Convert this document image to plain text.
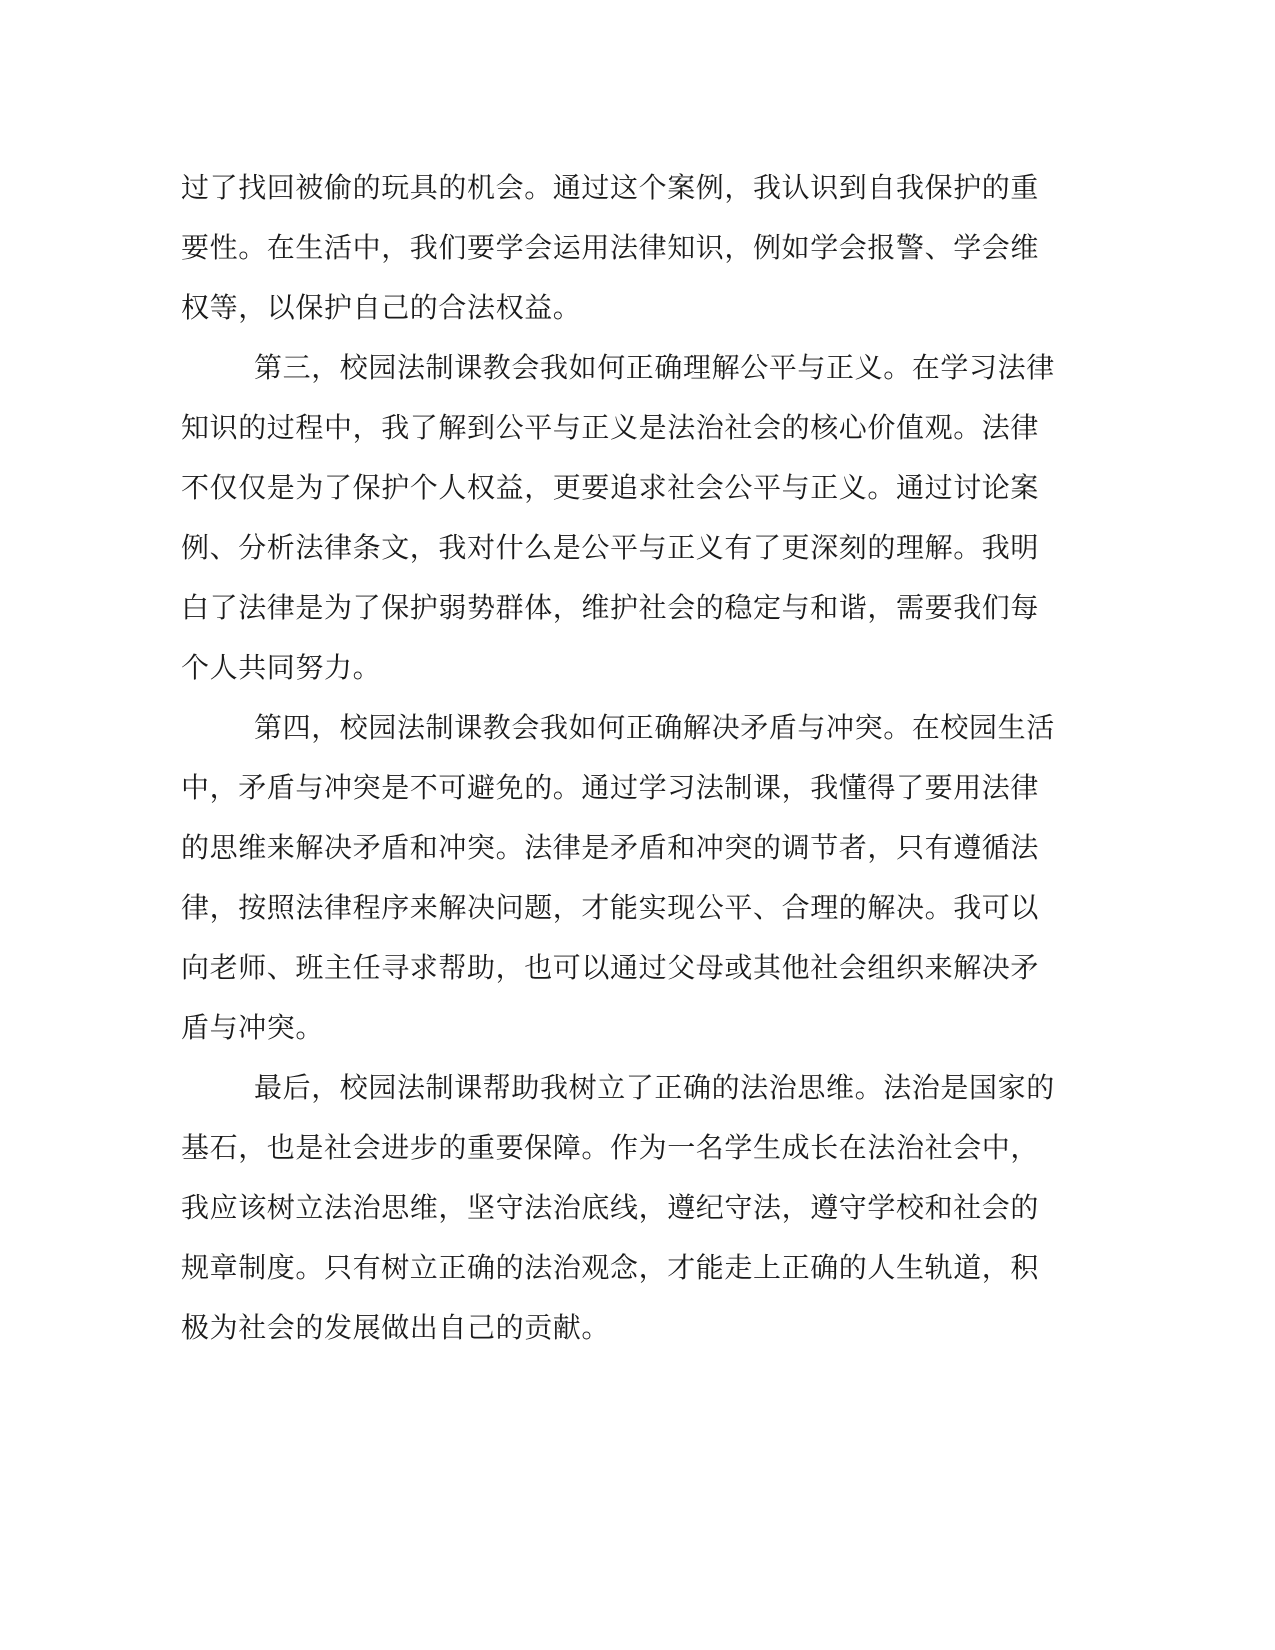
过了找回被偷的玩具的机会。通过这个案例，我认识到自我保护的重
要性。在生活中，我们要学会运用法律知识，例如学会报警、学会维
权等，以保护自己的合法权益。
第三，校园法制课教会我如何正确理解公平与正义。在学习法律
知识的过程中，我了解到公平与正义是法治社会的核心价值观。法律
不仅仅是为了保护个人权益，更要追求社会公平与正义。通过讨论案
例、分析法律条文，我对什么是公平与正义有了更深刻的理解。我明
白了法律是为了保护弱势群体，维护社会的稳定与和谐，需要我们每
个人共同努力。
第四，校园法制课教会我如何正确解决矛盾与冲突。在校园生活
中，矛盾与冲突是不可避免的。通过学习法制课，我懂得了要用法律
的思维来解决矛盾和冲突。法律是矛盾和冲突的调节者，只有遵循法
律，按照法律程序来解决问题，才能实现公平、合理的解决。我可以
向老师、班主任寻求帮助，也可以通过父母或其他社会组织来解决矛
盾与冲突。
最后，校园法制课帮助我树立了正确的法治思维。法治是国家的
基石，也是社会进步的重要保障。作为一名学生成长在法治社会中，
我应该树立法治思维，坚守法治底线，遵纪守法，遵守学校和社会的
规章制度。只有树立正确的法治观念，才能走上正确的人生轨道，积
极为社会的发展做出自己的贡献。
